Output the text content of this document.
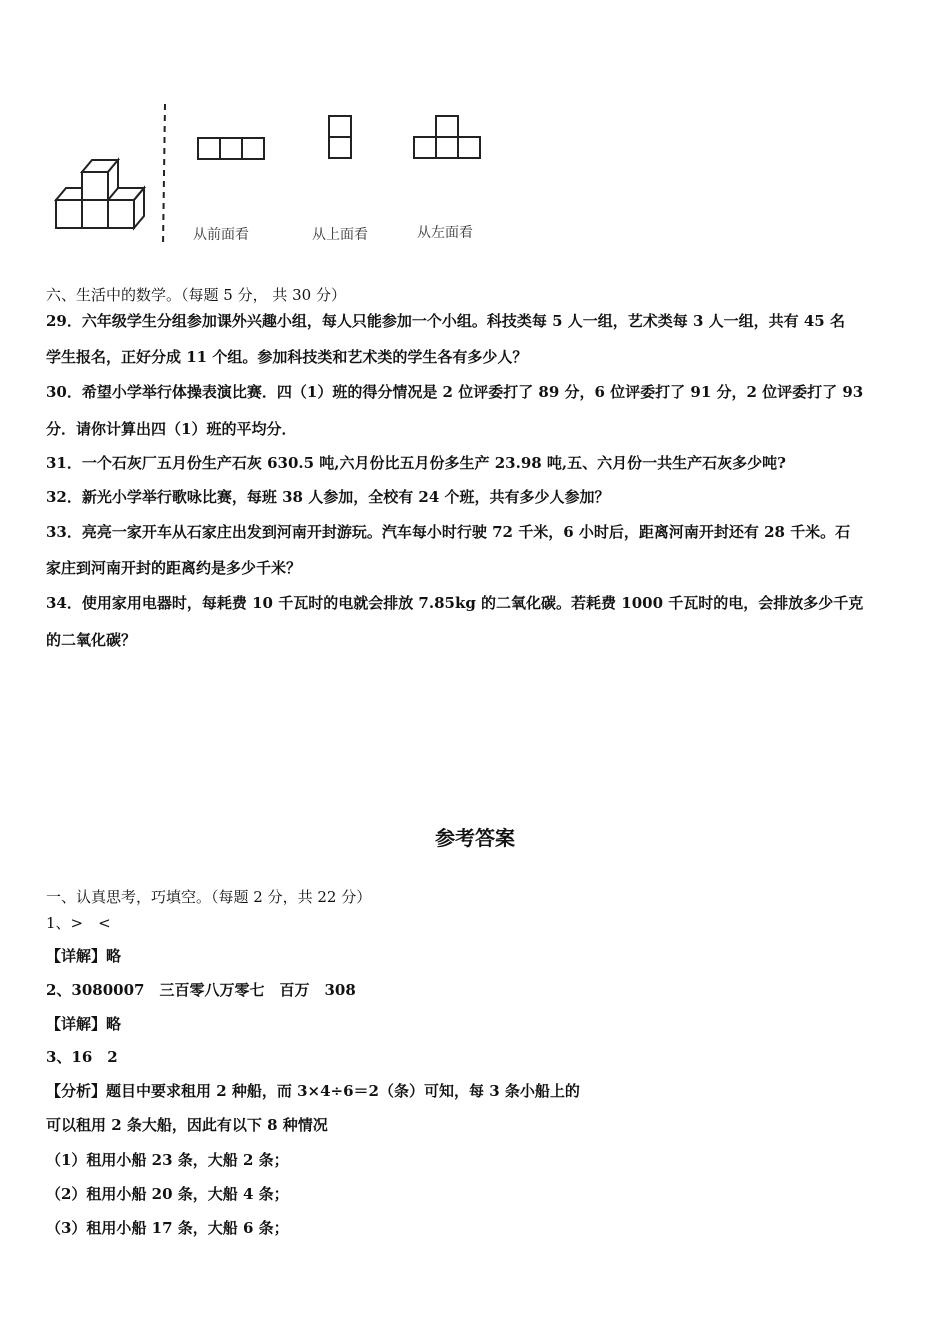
从前面看	从上面看	从左面看
六、生活中的数学。（每题 5 分， 共 30 分）
29．六年级学生分组参加课外兴趣小组，每人只能参加一个小组。科技类每 5 人一组，艺术类每 3 人一组，共有 45 名
学生报名，正好分成 11 个组。参加科技类和艺术类的学生各有多少人？
30．希望小学举行体操表演比赛．四（1）班的得分情况是 2 位评委打了 89 分，6 位评委打了 91 分，2 位评委打了 93
分．请你计算出四（1）班的平均分．
31．一个石灰厂五月份生产石灰 630.5 吨,六月份比五月份多生产 23.98 吨,五、六月份一共生产石灰多少吨?
32．新光小学举行歌咏比赛，每班 38 人参加，全校有 24 个班，共有多少人参加？
33．亮亮一家开车从石家庄出发到河南开封游玩。汽车每小时行驶 72 千米，6 小时后，距离河南开封还有 28 千米。石
家庄到河南开封的距离约是多少千米？
34．使用家用电器时，每耗费 10 千瓦时的电就会排放 7.85kg 的二氧化碳。若耗费 1000 千瓦时的电，会排放多少千克
的二氧化碳？
参考答案
一、认真思考，巧填空。（每题 2 分，共 22 分）
1、>　<
【详解】略
2、3080007　三百零八万零七　百万　308
【详解】略
3、16　2
【分析】题目中要求租用 2 种船，而 3×4÷6＝2（条）可知，每 3 条小船上的
可以租用 2 条大船，因此有以下 8 种情况
（1）租用小船 23 条，大船 2 条；
（2）租用小船 20 条，大船 4 条；
（3）租用小船 17 条，大船 6 条；
